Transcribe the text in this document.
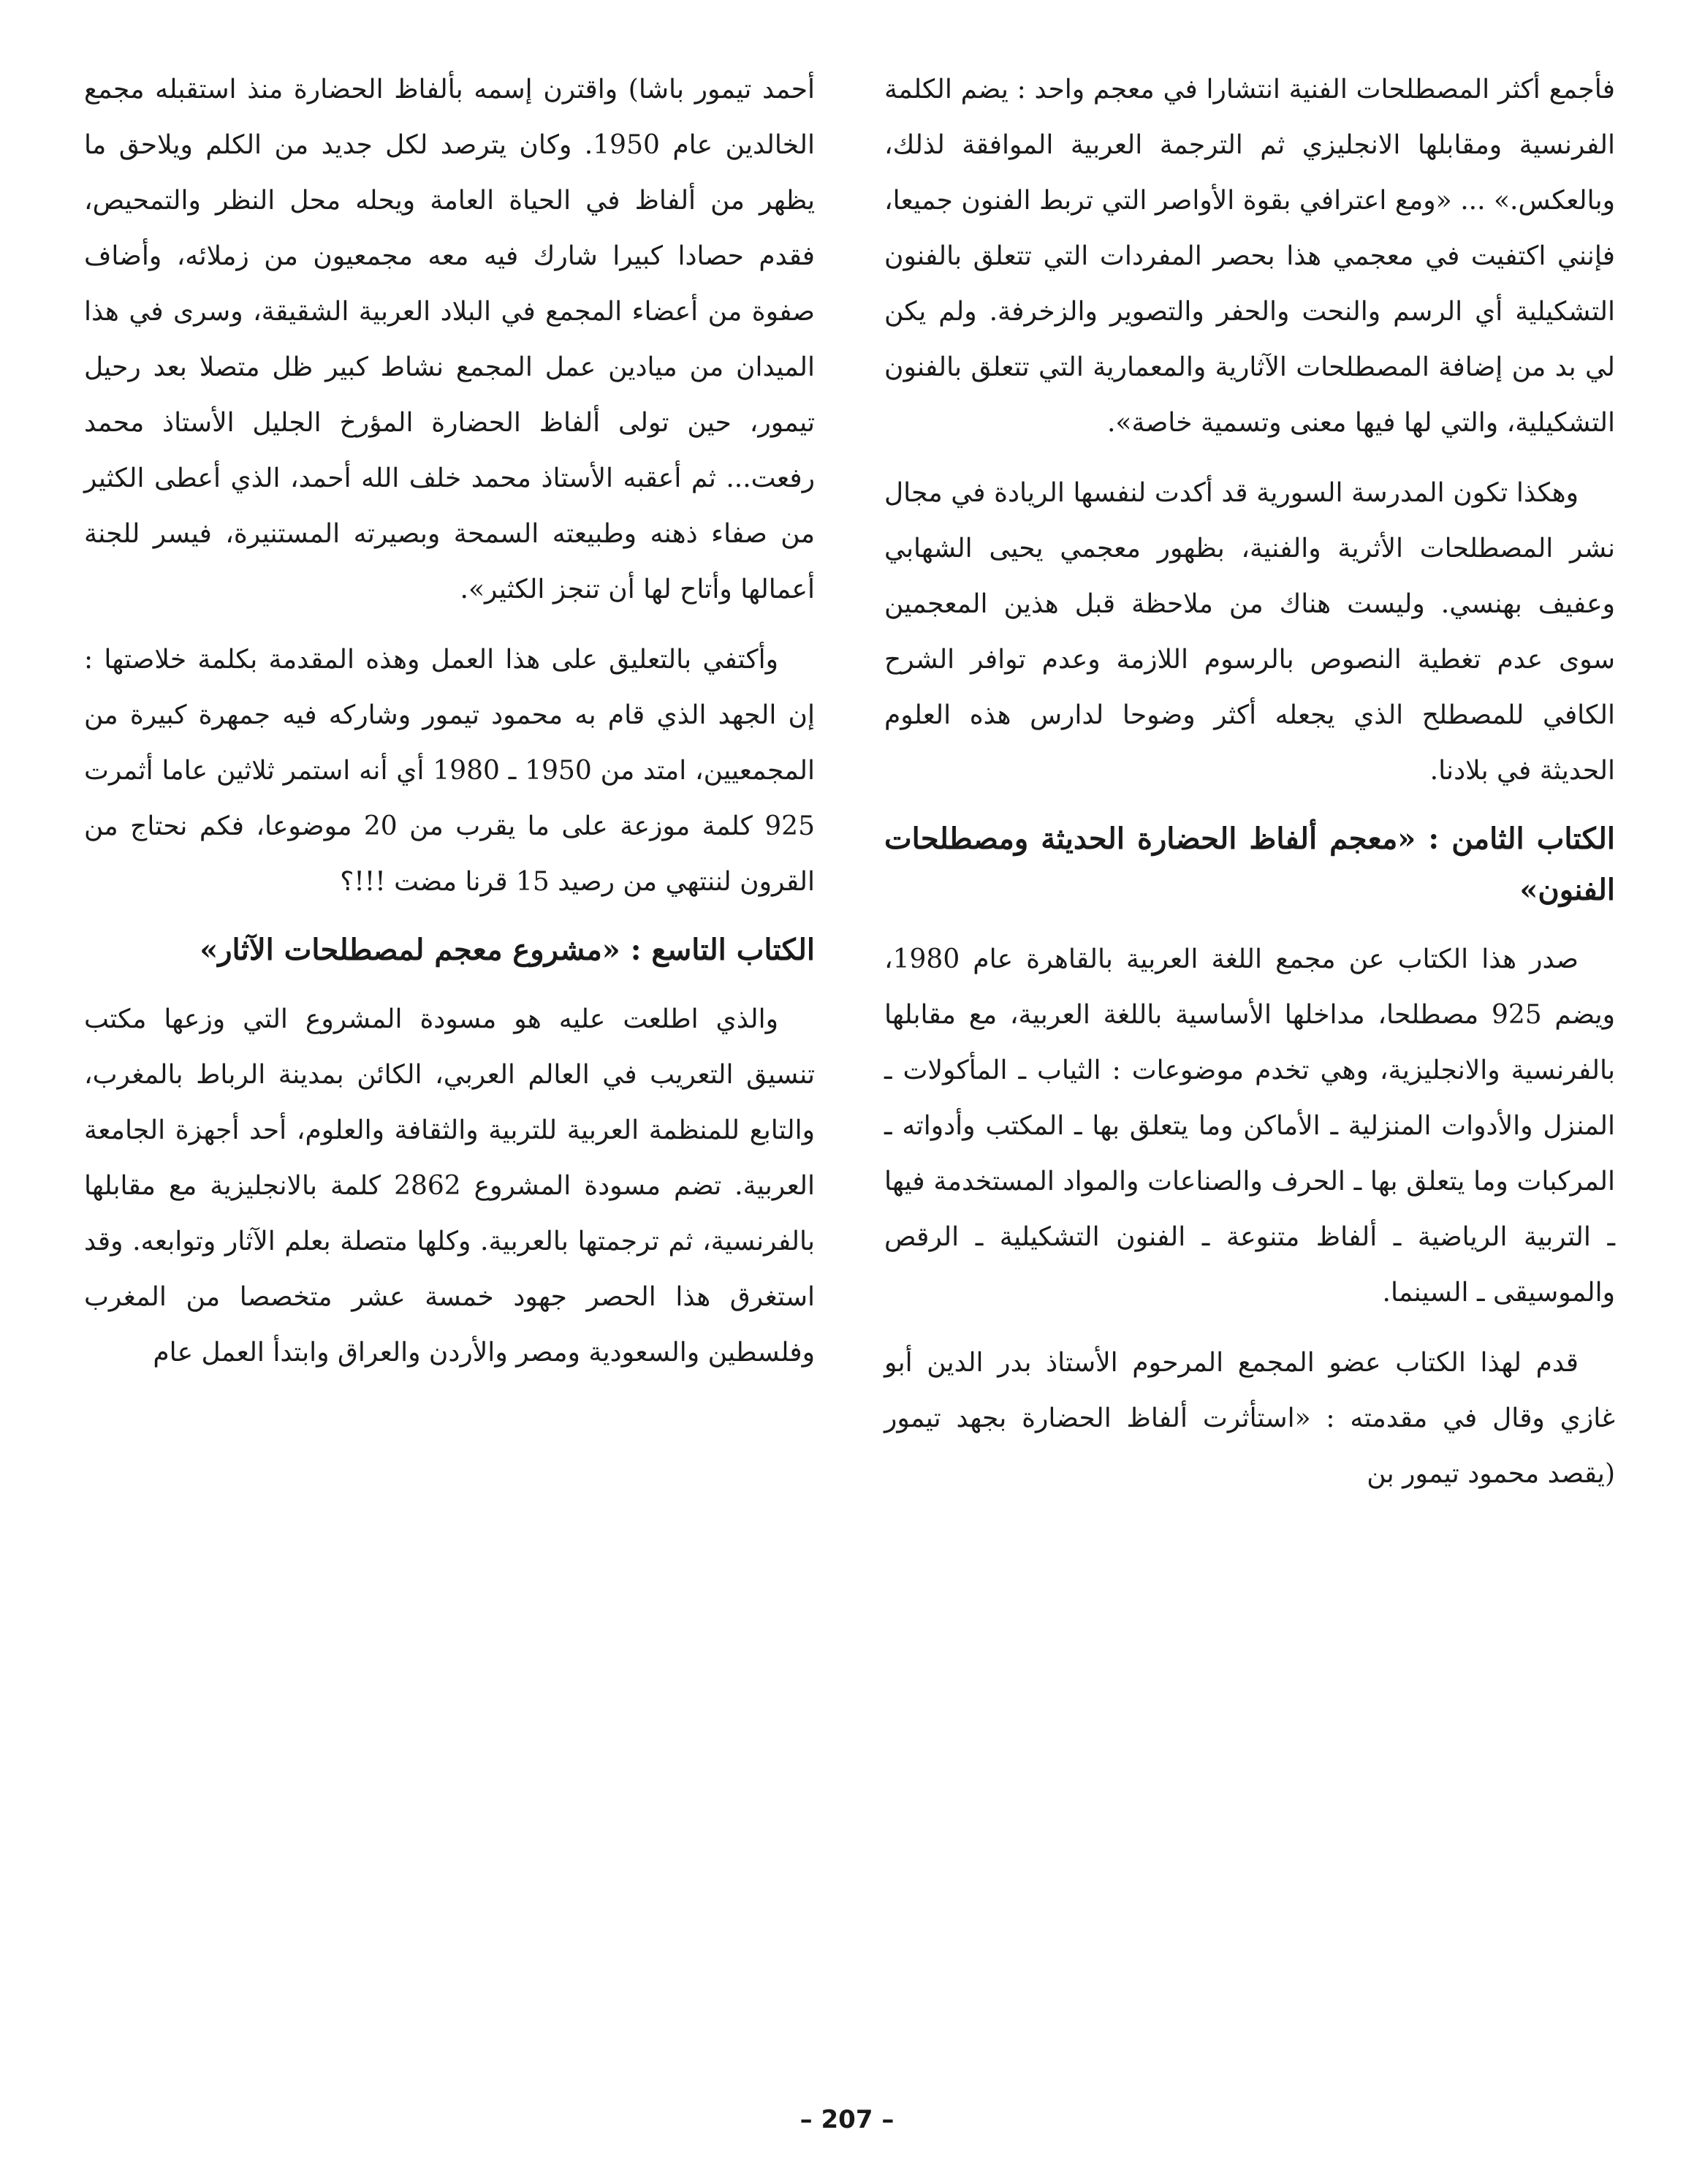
فأجمع أكثر المصطلحات الفنية انتشارا في معجم واحد : يضم الكلمة الفرنسية ومقابلها الانجليزي ثم الترجمة العربية الموافقة لذلك، وبالعكس.» ... «ومع اعترافي بقوة الأواصر التي تربط الفنون جميعا، فإنني اكتفيت في معجمي هذا بحصر المفردات التي تتعلق بالفنون التشكيلية أي الرسم والنحت والحفر والتصوير والزخرفة. ولم يكن لي بد من إضافة المصطلحات الآثارية والمعمارية التي تتعلق بالفنون التشكيلية، والتي لها فيها معنى وتسمية خاصة».

وهكذا تكون المدرسة السورية قد أكدت لنفسها الريادة في مجال نشر المصطلحات الأثرية والفنية، بظهور معجمي يحيى الشهابي وعفيف بهنسي. وليست هناك من ملاحظة قبل هذين المعجمين سوى عدم تغطية النصوص بالرسوم اللازمة وعدم توافر الشرح الكافي للمصطلح الذي يجعله أكثر وضوحا لدارس هذه العلوم الحديثة في بلادنا.

الكتاب الثامن : «معجم ألفاظ الحضارة الحديثة ومصطلحات الفنون»

صدر هذا الكتاب عن مجمع اللغة العربية بالقاهرة عام 1980، ويضم 925 مصطلحا، مداخلها الأساسية باللغة العربية، مع مقابلها بالفرنسية والانجليزية، وهي تخدم موضوعات : الثياب ـ المأكولات ـ المنزل والأدوات المنزلية ـ الأماكن وما يتعلق بها ـ المكتب وأدواته ـ المركبات وما يتعلق بها ـ الحرف والصناعات والمواد المستخدمة فيها ـ التربية الرياضية ـ ألفاظ متنوعة ـ الفنون التشكيلية ـ الرقص والموسيقى ـ السينما.

قدم لهذا الكتاب عضو المجمع المرحوم الأستاذ بدر الدين أبو غازي وقال في مقدمته : «استأثرت ألفاظ الحضارة بجهد تيمور (يقصد محمود تيمور بن

أحمد تيمور باشا) واقترن إسمه بألفاظ الحضارة منذ استقبله مجمع الخالدين عام 1950. وكان يترصد لكل جديد من الكلم ويلاحق ما يظهر من ألفاظ في الحياة العامة ويحله محل النظر والتمحيص، فقدم حصادا كبيرا شارك فيه معه مجمعيون من زملائه، وأضاف صفوة من أعضاء المجمع في البلاد العربية الشقيقة، وسرى في هذا الميدان من ميادين عمل المجمع نشاط كبير ظل متصلا بعد رحيل تيمور، حين تولى ألفاظ الحضارة المؤرخ الجليل الأستاذ محمد رفعت... ثم أعقبه الأستاذ محمد خلف الله أحمد، الذي أعطى الكثير من صفاء ذهنه وطبيعته السمحة وبصيرته المستنيرة، فيسر للجنة أعمالها وأتاح لها أن تنجز الكثير».

وأكتفي بالتعليق على هذا العمل وهذه المقدمة بكلمة خلاصتها : إن الجهد الذي قام به محمود تيمور وشاركه فيه جمهرة كبيرة من المجمعيين، امتد من 1950 ـ 1980 أي أنه استمر ثلاثين عاما أثمرت 925 كلمة موزعة على ما يقرب من 20 موضوعا، فكم نحتاج من القرون لننتهي من رصيد 15 قرنا مضت !!!؟

الكتاب التاسع : «مشروع معجم لمصطلحات الآثار»

والذي اطلعت عليه هو مسودة المشروع التي وزعها مكتب تنسيق التعريب في العالم العربي، الكائن بمدينة الرباط بالمغرب، والتابع للمنظمة العربية للتربية والثقافة والعلوم، أحد أجهزة الجامعة العربية. تضم مسودة المشروع 2862 كلمة بالانجليزية مع مقابلها بالفرنسية، ثم ترجمتها بالعربية. وكلها متصلة بعلم الآثار وتوابعه. وقد استغرق هذا الحصر جهود خمسة عشر متخصصا من المغرب وفلسطين والسعودية ومصر والأردن والعراق وابتدأ العمل عام

– 207 –
